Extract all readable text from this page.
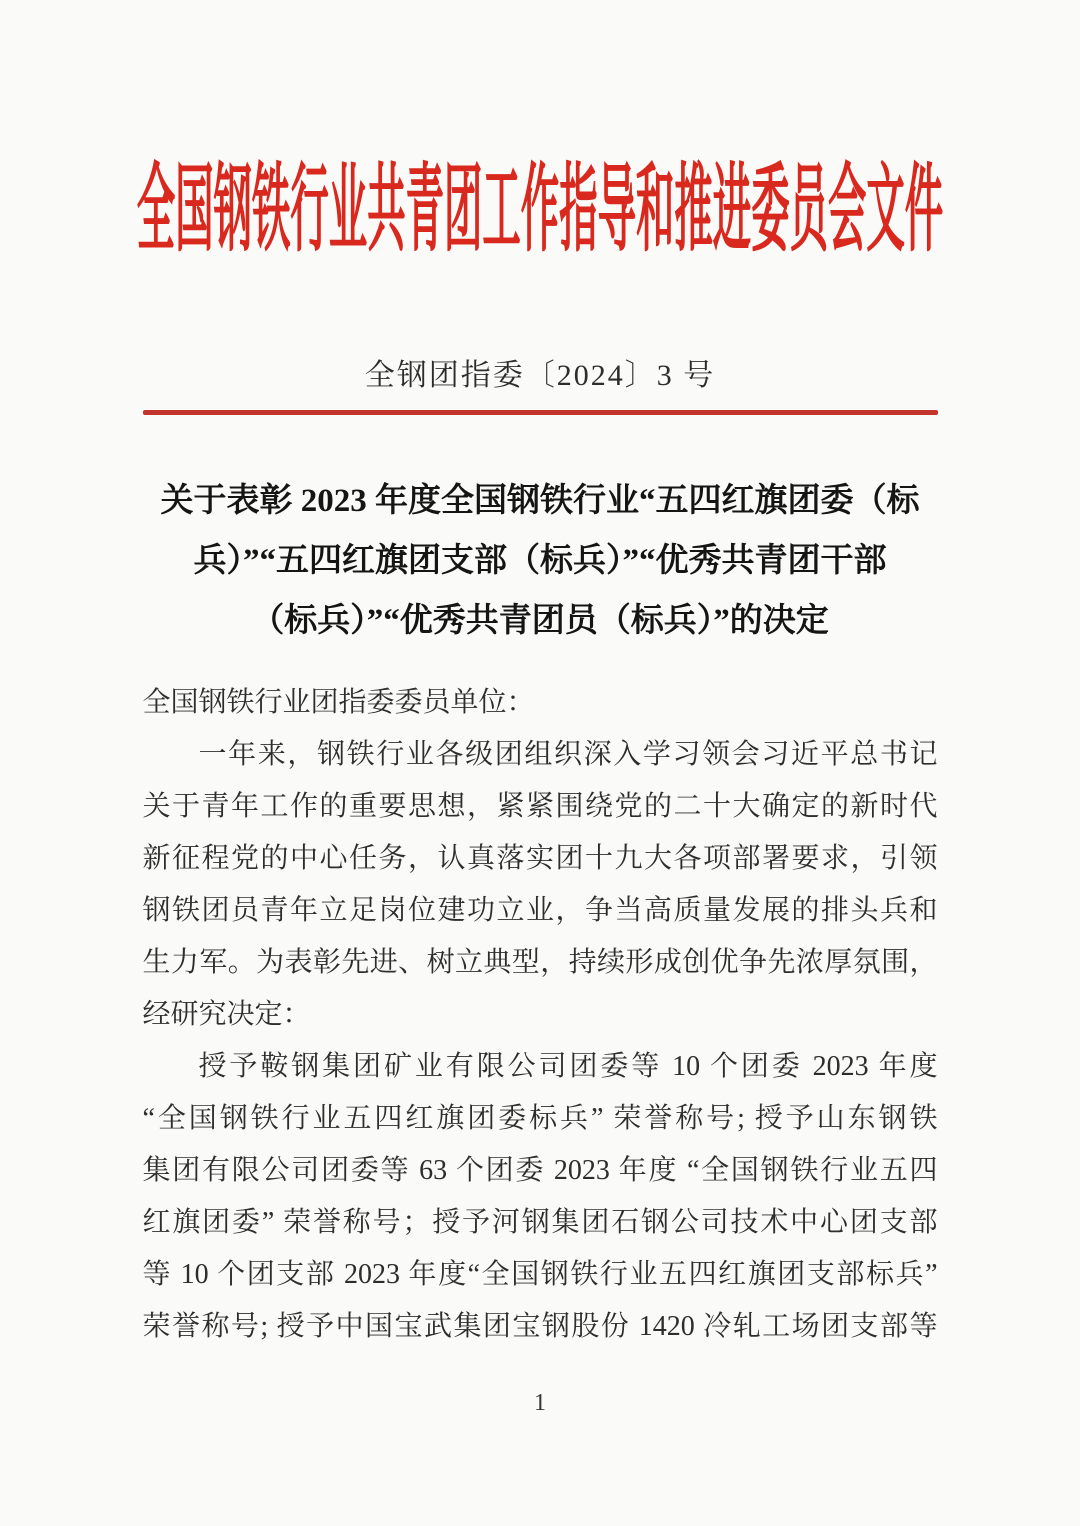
全国钢铁行业共青团工作指导和推进委员会文件
全钢团指委〔2024〕3 号
关于表彰 2023 年度全国钢铁行业“五四红旗团委（标
兵）”“五四红旗团支部（标兵）”“优秀共青团干部
（标兵）”“优秀共青团员（标兵）”的决定
全国钢铁行业团指委委员单位：
一年来，钢铁行业各级团组织深入学习领会习近平总书记
关于青年工作的重要思想，紧紧围绕党的二十大确定的新时代
新征程党的中心任务，认真落实团十九大各项部署要求，引领
钢铁团员青年立足岗位建功立业，争当高质量发展的排头兵和
生力军。为表彰先进、树立典型，持续形成创优争先浓厚氛围，
经研究决定：
授予鞍钢集团矿业有限公司团委等 10 个团委 2023 年度
“全国钢铁行业五四红旗团委标兵” 荣誉称号; 授予山东钢铁
集团有限公司团委等 63 个团委 2023 年度 “全国钢铁行业五四
红旗团委” 荣誉称号；授予河钢集团石钢公司技术中心团支部
等 10 个团支部 2023 年度“全国钢铁行业五四红旗团支部标兵”
荣誉称号; 授予中国宝武集团宝钢股份 1420 冷轧工场团支部等
1
